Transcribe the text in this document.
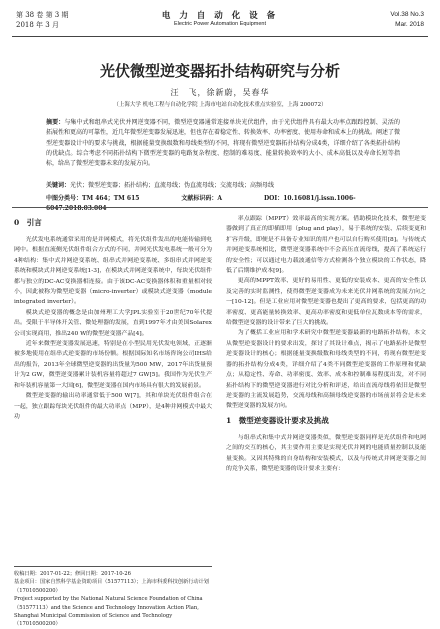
第 38 卷 第 3 期
2018 年 3 月
电 力 自 动 化 设 备
Electric Power Automation Equipment
Vol.38 No.3
Mar. 2018
光伏微型逆变器拓扑结构研究与分析
汪　飞，徐新蔚，吴春华
（上海大学 机电工程与自动化学院 上海市电站自动化技术重点实验室，上海 200072）
摘要：与集中式和组串式光伏并网逆变器不同，微型逆变器通常连接单块光伏组件，由于光伏组件具有最大功率点跟踪控制、灵活的拓展性和更高的可靠性，近几年微型逆变器发展迅速，但也存在着稳定性、转换效率、功率密度、使用寿命和成本上的挑战。阐述了微型逆变器设计中的要求与挑战，根据能量变换级数和母线类型的不同，将现有微型逆变器拓扑结构分成4类，详细介绍了各类拓扑结构的优缺点。综合考虑不同拓扑结构下微型逆变器的电路复杂程度、控制的难易度、能量转换效率的大小、成本高低以及寿命长短等指标，给出了微型逆变器未来的发展方向。
关键词：光伏；微型逆变器；拓扑结构；直流母线；伪直流母线；交流母线；高频母线
中图分类号：TM 464；TM 615	文献标识码：A	DOI：10.16081/j.issn.1006-6047.2018.03.004
0　引言

光伏发电系统通常采用的是并网模式，将光伏组件发出的电能传输到电网中。根据直流侧光伏组件组合方式的不同，并网光伏发电系统一般可分为4种结构：集中式并网逆变系统、组串式并网逆变系统、多组串式并网逆变系统和模块式并网逆变系统[1-3]，在模块式并网逆变系统中，每块光伏组件都与独立的DC-AC变换器相连接。由于该DC-AC变换器体积和重量相对较小，因此被称为微型逆变器（micro-inverter）或模块式逆变器（module integrated inverter）。

模块式逆变器的概念是由加州理工大学JPL实验室于20世纪70年代提出。受限于半导体开关管、微处理器的发展，直到1997年才由美国Solarex公司实现商用，推出240 W的微型逆变器产品[4]。

近年来微型逆变器发展迅速，特别是在小型民用光伏发电领域，正逐渐被多地使用在组串式逆变器的市场份额。根据国际知名市场咨询公司IHS给出的报告，2013年全球微型逆变器的出货量为500 MW，2017年出货量预计为2 GW，微型逆变器累计装机容量将超过7 GW[5]。我国作为光伏生产和年装机容量第一大国[6]，微型逆变器在国内市场具有很大的发展前景。

微型逆变器的输出功率通常低于500 W[7]，其和单块光伏组件组合在一起，独立跟踪每块光伏组件的最大功率点（MPP），是4种并网模式中最大功

收稿日期：2017-01-22；修回日期：2017-10-26
基金项目：国家自然科学基金资助项目（51577113）；上海市科委科技创新行动计划（17010500200）
Project supported by the National Natural Science Foundation of China（51577113）and the Science and Technology Innovation Action Plan, Shanghai Municipal Commission of Science and Technology（17010500200）

率点跟踪（MPPT）效率最高的实现方案。借助模块化技术，微型逆变器做到了真正的即插即用（plug and play），易于系统的安装、后续变更和扩容升级，即便是不具备专业知识的用户也可以自行购买使用[8]。与传统式并网逆变系统相比，微型逆变器系统中不会高压直流母线，提高了系统运行的安全性；可以通过电力载波通信等方式检测各个独立模块的工作状态，降低了后期维护成本[9]。

更高的MPPT效率、更好的易用性、更低的安装成本、更高的安全性以及完善的实时监测性，使得微型逆变器成为未来光伏并网系统的发展方向之一[10-12]。但是工业应用对微型逆变器也提出了更高的要求，包括更高的功率密度、更高能量转换效率、更高功率密度和更低单位瓦数成本等的需求，给微型逆变器的设计带来了巨大的挑战。

为了概括工业应用和学术研究中微型逆变器最新的电路拓扑结构，本文从微型逆变器设计的要求出发，探讨了其设计难点，揭示了电路拓扑是微型逆变器设计的核心；根据能量变换级数和母线类型的不同，将现有微型逆变器的拓扑结构分成4类，详细介绍了4类不同微型逆变器的工作原理和优缺点；从稳定性、寿命、功率密度、效率、成本和控制难易程度出发，对不同拓扑结构下的微型逆变器进行对比分析和评述，给出直流母线将依旧是微型逆变器的主流发展趋势，交流母线和高频母线逆变器的市场前景将会是未来微型逆变器的发展方向。

1　微型逆变器设计要求及挑战

与组串式和集中式并网逆变器类似，微型逆变器同样是光伏组件和电网之间的交互的核心，其主要作用主要是实现光伏并网的电能质量控制以及能量变换。又因其特殊的自身结构和安装模式，以及与传统式并网逆变器之间的竞争关系，微型逆变器的设计要求主要有：
